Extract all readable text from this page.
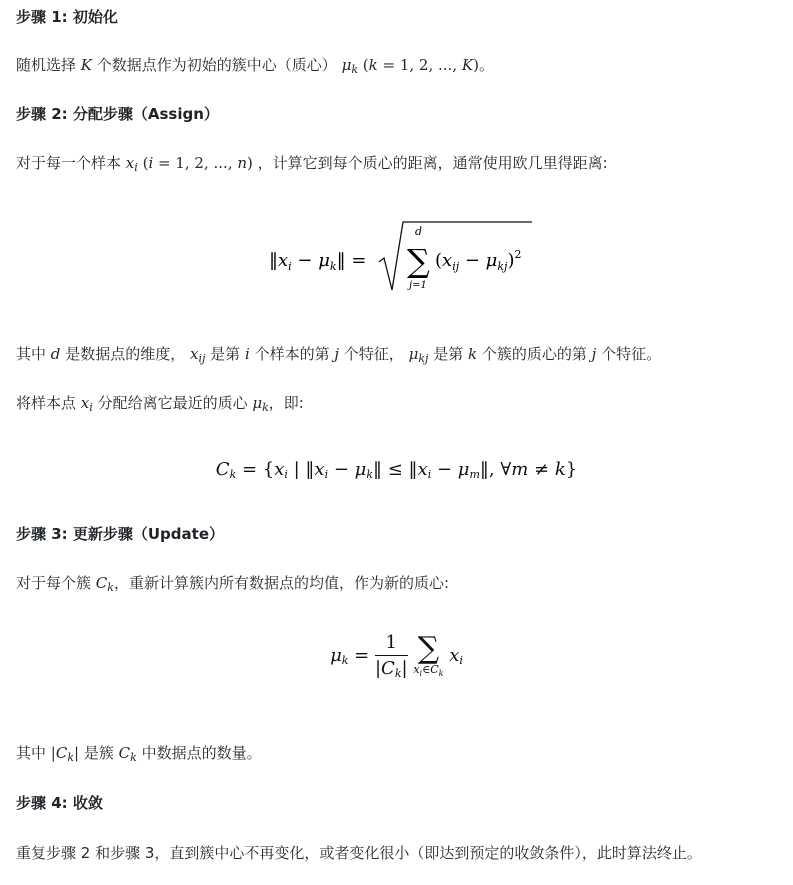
步骤 1: 初始化
随机选择 K 个数据点作为初始的簇中心（质心） $\mu_k$ (k = 1, 2, ..., K)。
步骤 2: 分配步骤（Assign）
对于每一个样本 $x_i$ (i = 1, 2, ..., n) ，计算它到每个质心的距离，通常使用欧几里得距离:
$‖x_i$ − $\mu_k‖$ =
d
∑
j=1
$(x_{ij} - \mu_{kj})^2$
其中 d 是数据点的维度， $x_{ij}$ 是第 i 个样本的第 j 个特征， $\mu_{kj}$ 是第 k 个簇的质心的第 j 个特征。
将样本点 $x_i$ 分配给离它最近的质心 $\mu_k$，即:
$C_k = \{x_i$ | $‖x_i$ − $\mu_k‖$ ≤ $‖x_i$ − $\mu_m‖$, ∀m ≠ k}
步骤 3: 更新步骤（Update）
对于每个簇 $C_k$，重新计算簇内所有数据点的均值，作为新的质心:
$\mu_k = \frac{1}{|C_k|}$
∑
$x_i\in C_k$
$x_i$
其中 $|C_k|$ 是簇 $C_k$ 中数据点的数量。
步骤 4: 收敛
重复步骤 2 和步骤 3，直到簇中心不再变化，或者变化很小（即达到预定的收敛条件），此时算法终止。
